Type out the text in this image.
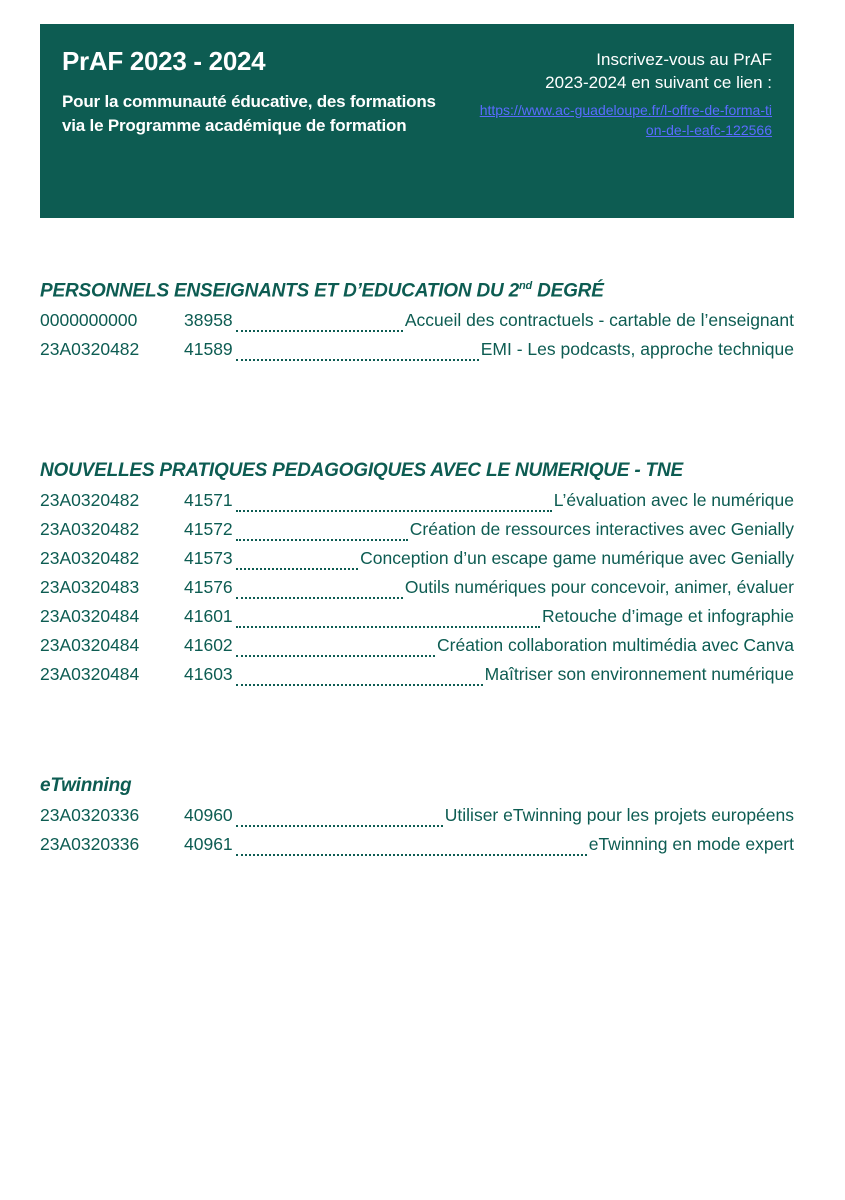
PrAF 2023 - 2024
Pour la communauté éducative, des formations via le Programme académique de formation
Inscrivez-vous au PrAF
2023-2024 en suivant ce lien :
https://www.ac-guadeloupe.fr/l-offre-de-forma-tion-de-l-eafc-122566
PERSONNELS ENSEIGNANTS ET D’EDUCATION DU 2nd DEGRÉ
0000000000	38958	Accueil des contractuels - cartable de l’enseignant
23A0320482	41589	EMI - Les podcasts, approche technique
NOUVELLES PRATIQUES PEDAGOGIQUES AVEC LE NUMERIQUE - TNE
23A0320482	41571	L’évaluation avec le numérique
23A0320482	41572	Création de ressources interactives avec Genially
23A0320482	41573	Conception d’un escape game numérique avec Genially
23A0320483	41576	Outils numériques pour concevoir, animer, évaluer
23A0320484	41601	Retouche d’image et infographie
23A0320484	41602	Création collaboration multimédia avec Canva
23A0320484	41603	Maîtriser son environnement numérique
eTwinning
23A0320336	40960	Utiliser eTwinning pour les projets européens
23A0320336	40961	eTwinning en mode expert
